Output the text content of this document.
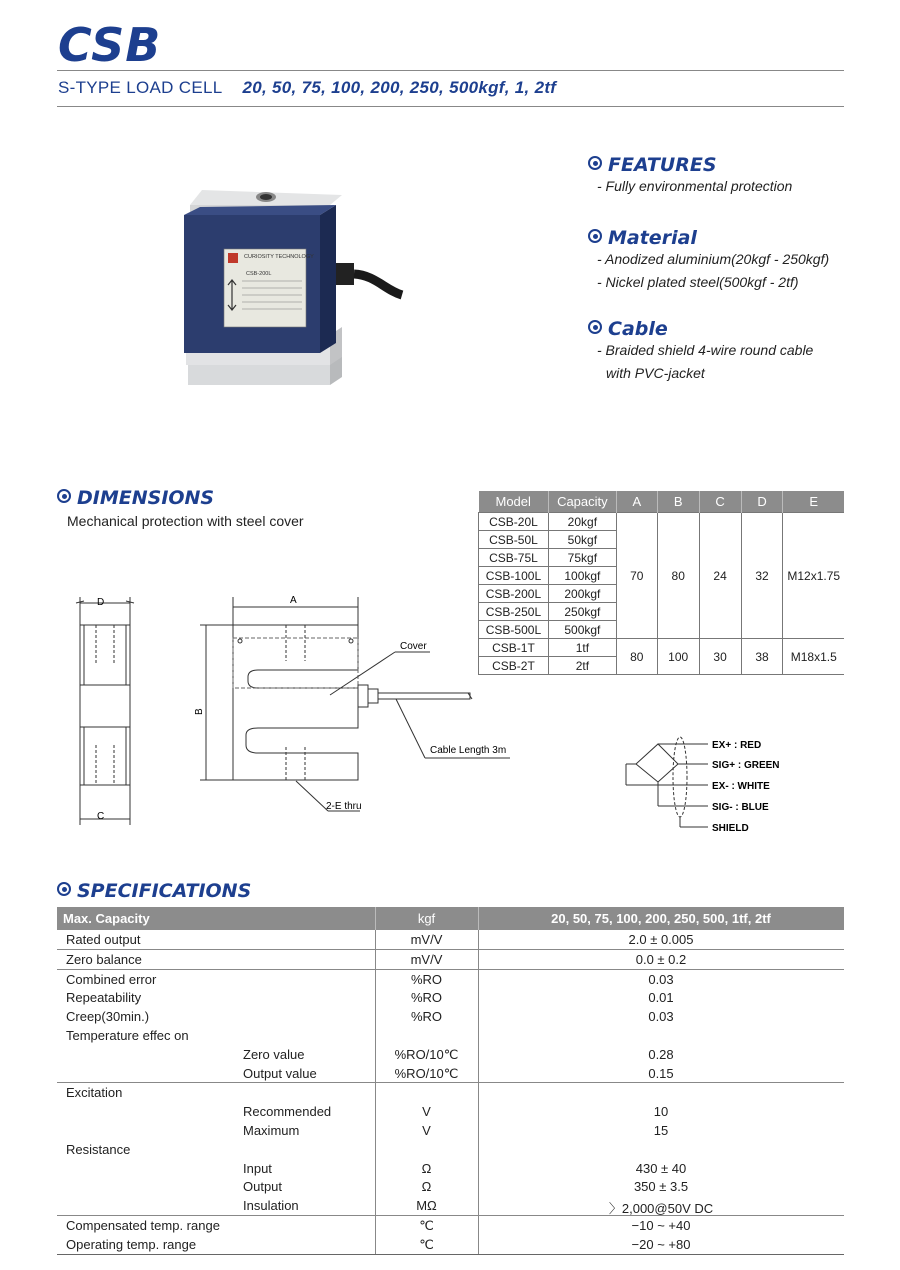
CSB
S-TYPE LOAD CELL 20, 50, 75, 100, 200, 250, 500kgf, 1, 2tf
CURIOSITY TECHNOLOGY
CSB-200L
FEATURES
- Fully environmental protection
Material
- Anodized aluminium(20kgf - 250kgf)
- Nickel plated steel(500kgf - 2tf)
Cable
- Braided shield 4-wire round cable
with PVC-jacket
DIMENSIONS
Mechanical protection with steel cover
Model	Capacity	A	B	C	D	E
CSB-20L	20kgf	70	80	24	32	M12x1.75
CSB-50L	50kgf					
CSB-75L	75kgf					
CSB-100L	100kgf					
CSB-200L	200kgf					
CSB-250L	250kgf					
CSB-500L	500kgf					
CSB-1T	1tf	80	100	30	38	M18x1.5
CSB-2T	2tf					
D	A
B
C
Cover
Cable Length 3m
2-E thru
EX+ : RED
SIG+ : GREEN
EX- : WHITE
SIG- : BLUE
SHIELD
SPECIFICATIONS
Max. Capacity	kgf	20, 50, 75, 100, 200, 250, 500, 1tf, 2tf
Rated output	mV/V	2.0 ± 0.005
Zero balance	mV/V	0.0 ± 0.2
Combined error	%RO	0.03
Repeatability	%RO	0.01
Creep(30min.)	%RO	0.03
Temperature effec on
Zero value	%RO/10℃	0.28
Output value	%RO/10℃	0.15
Excitation
Recommended	V	10
Maximum	V	15
Resistance
Input	Ω	430 ± 40
Output	Ω	350 ± 3.5
Insulation	MΩ	〉2,000@50V DC
Compensated temp. range	℃	−10 ~ +40
Operating temp. range	℃	−20 ~ +80
